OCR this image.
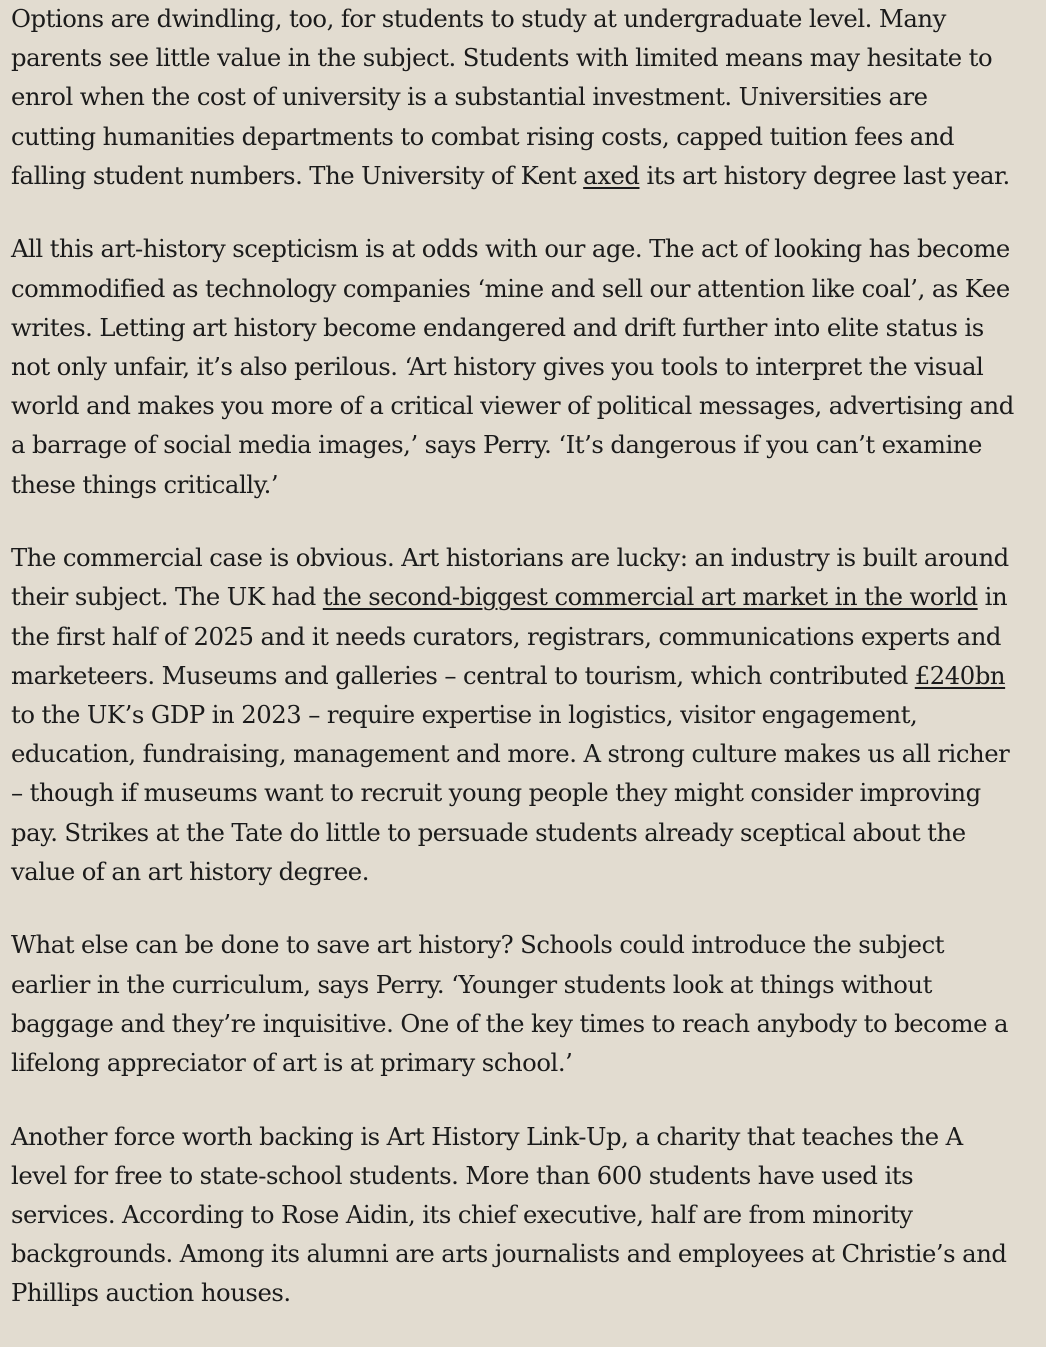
Options are dwindling, too, for students to study at undergraduate level. Many
parents see little value in the subject. Students with limited means may hesitate to
enrol when the cost of university is a substantial investment. Universities are
cutting humanities departments to combat rising costs, capped tuition fees and
falling student numbers. The University of Kent axed its art history degree last year.

All this art-history scepticism is at odds with our age. The act of looking has become
commodified as technology companies ‘mine and sell our attention like coal’, as Kee
writes. Letting art history become endangered and drift further into elite status is
not only unfair, it’s also perilous. ‘Art history gives you tools to interpret the visual
world and makes you more of a critical viewer of political messages, advertising and
a barrage of social media images,’ says Perry. ‘It’s dangerous if you can’t examine
these things critically.’

The commercial case is obvious. Art historians are lucky: an industry is built around
their subject. The UK had the second-biggest commercial art market in the world in
the first half of 2025 and it needs curators, registrars, communications experts and
marketeers. Museums and galleries – central to tourism, which contributed £240bn
to the UK’s GDP in 2023 – require expertise in logistics, visitor engagement,
education, fundraising, management and more. A strong culture makes us all richer
– though if museums want to recruit young people they might consider improving
pay. Strikes at the Tate do little to persuade students already sceptical about the
value of an art history degree.

What else can be done to save art history? Schools could introduce the subject
earlier in the curriculum, says Perry. ‘Younger students look at things without
baggage and they’re inquisitive. One of the key times to reach anybody to become a
lifelong appreciator of art is at primary school.’

Another force worth backing is Art History Link-Up, a charity that teaches the A
level for free to state-school students. More than 600 students have used its
services. According to Rose Aidin, its chief executive, half are from minority
backgrounds. Among its alumni are arts journalists and employees at Christie’s and
Phillips auction houses.
